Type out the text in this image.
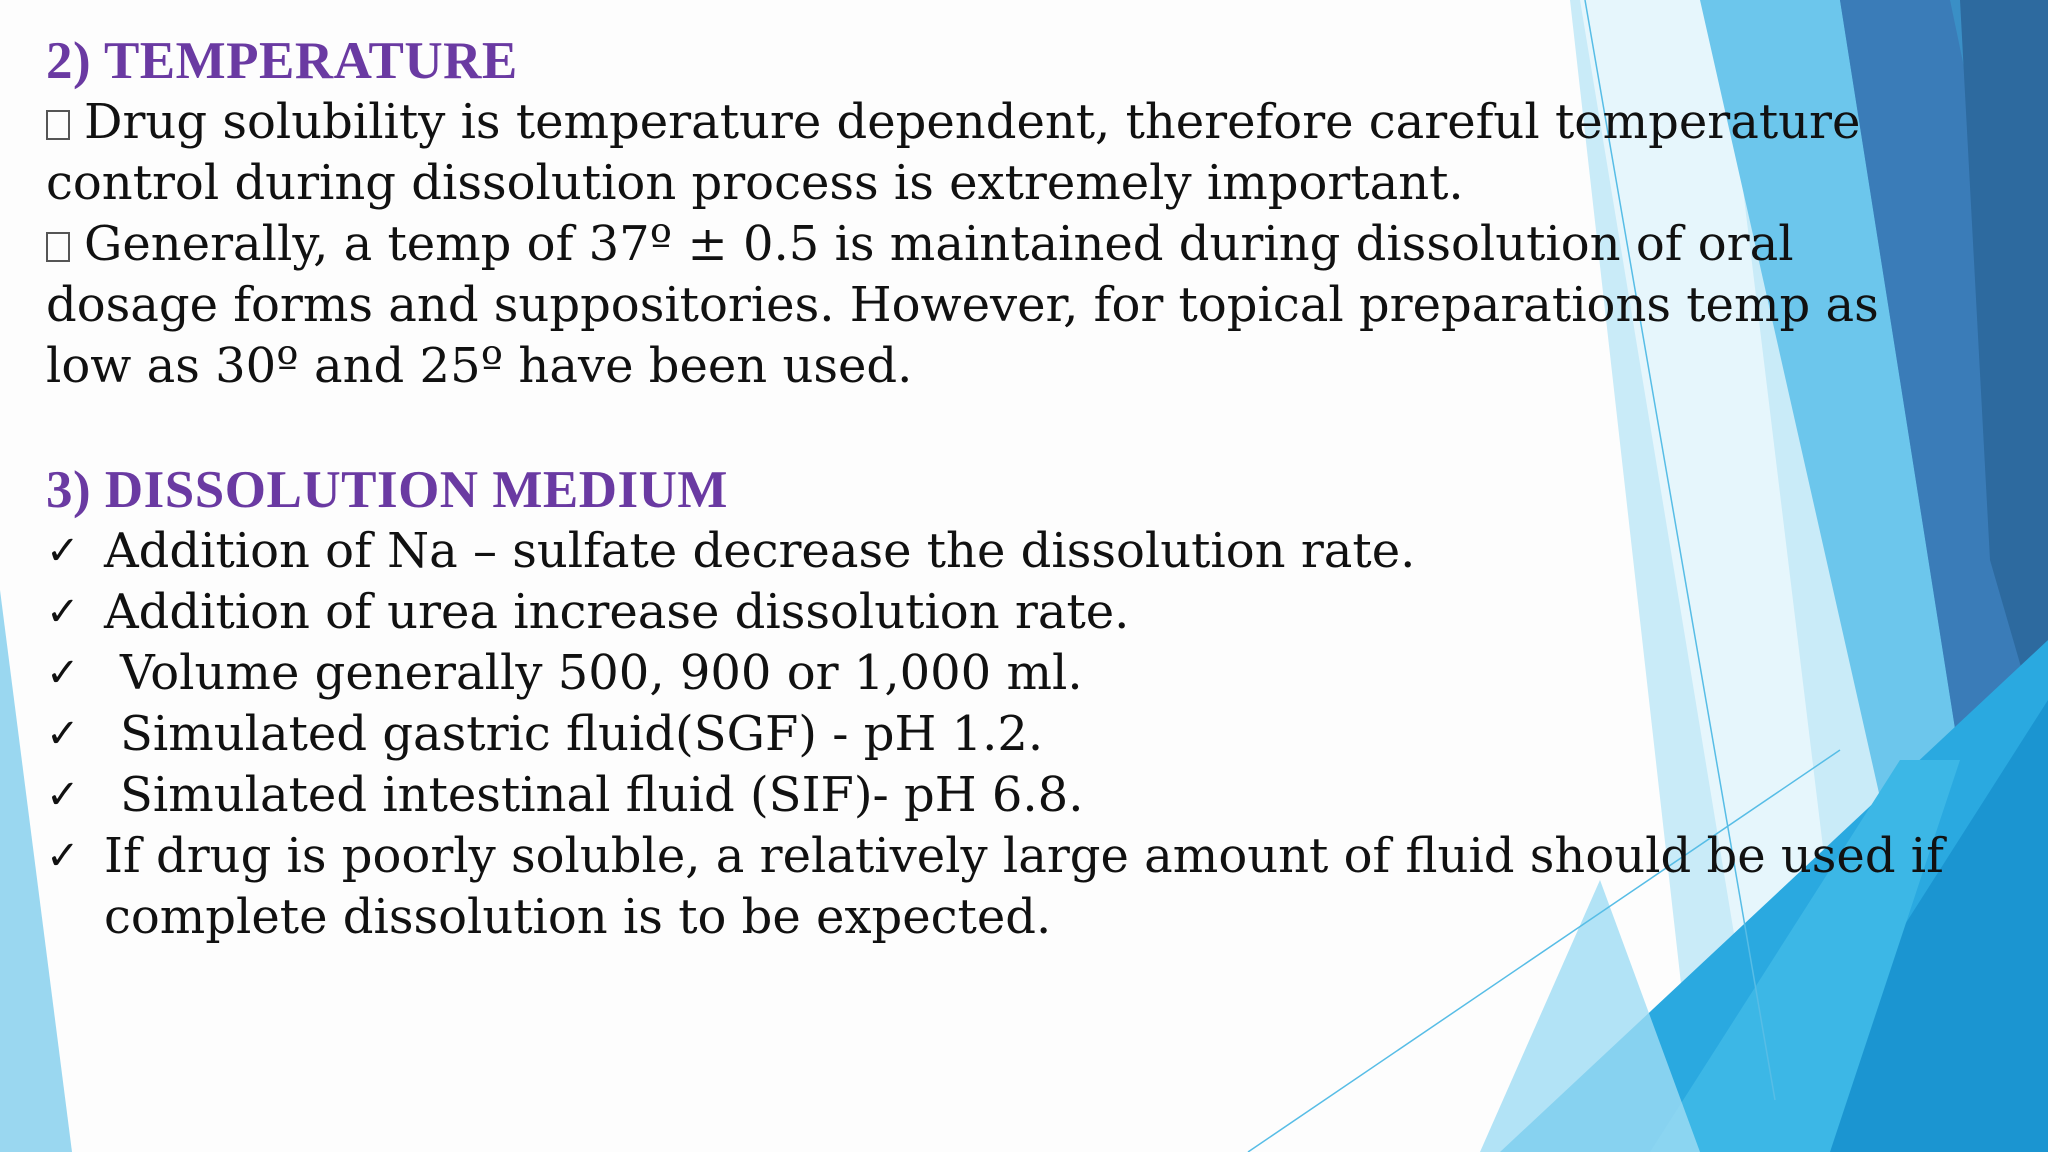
2) TEMPERATURE

Drug solubility is temperature dependent, therefore careful temperature control during dissolution process is extremely important.

Generally, a temp of 37º ± 0.5 is maintained during dissolution of oral dosage forms and suppositories. However, for topical preparations temp as low as 30º and 25º have been used.

3) DISSOLUTION MEDIUM
✓ Addition of Na – sulfate decrease the dissolution rate.
✓ Addition of urea increase dissolution rate.
✓ Volume generally 500, 900 or 1,000 ml.
✓ Simulated gastric fluid(SGF) - pH 1.2.
✓ Simulated intestinal fluid (SIF)- pH 6.8.
✓ If drug is poorly soluble, a relatively large amount of fluid should be used if complete dissolution is to be expected.
